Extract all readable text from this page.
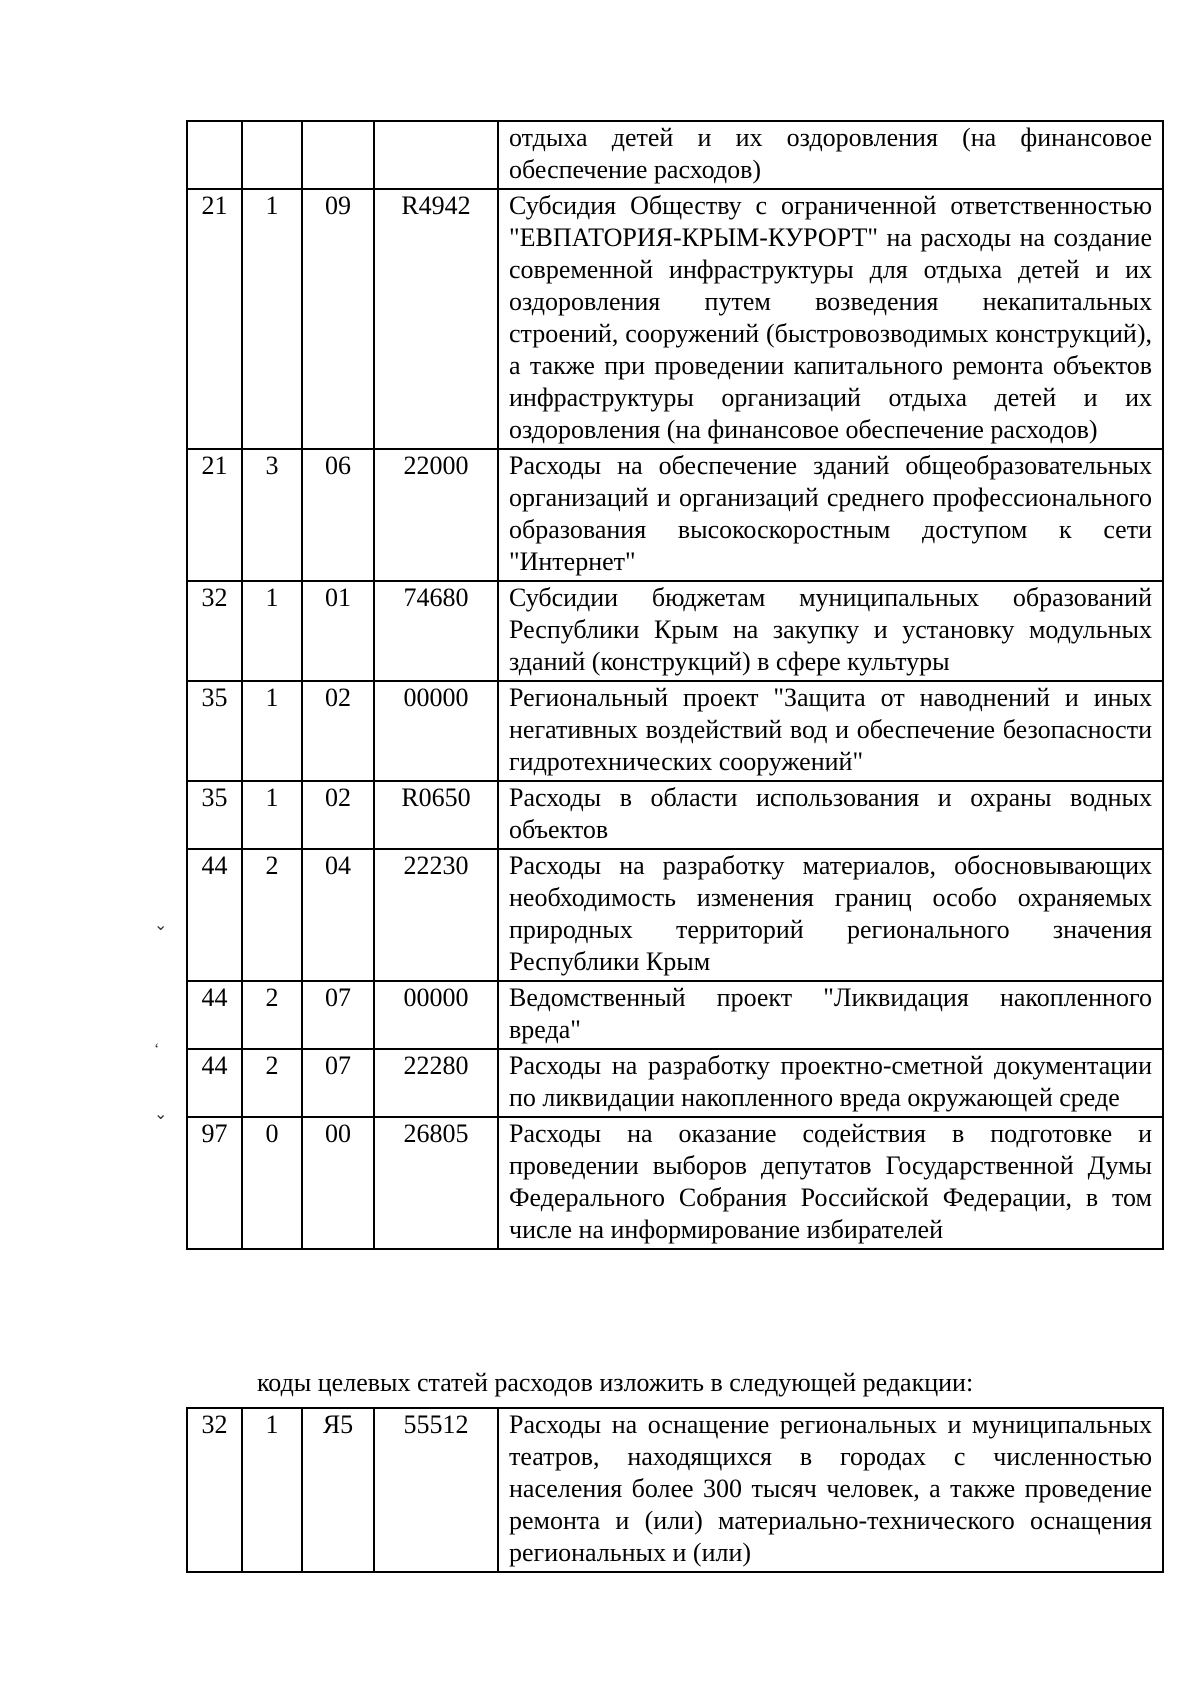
				отдыха детей и их оздоровления (на финансовое обеспечение расходов)
21	1	09	R4942	Субсидия Обществу с ограниченной ответственностью "ЕВПАТОРИЯ-КРЫМ-КУРОРТ" на расходы на создание современной инфраструктуры для отдыха детей и их оздоровления путем возведения некапитальных строений, сооружений (быстровозводимых конструкций), а также при проведении капитального ремонта объектов инфраструктуры организаций отдыха детей и их оздоровления (на финансовое обеспечение расходов)
21	3	06	22000	Расходы на обеспечение зданий общеобразовательных организаций и организаций среднего профессионального образования высокоскоростным доступом к сети "Интернет"
32	1	01	74680	Субсидии бюджетам муниципальных образований Республики Крым на закупку и установку модульных зданий (конструкций) в сфере культуры
35	1	02	00000	Региональный проект "Защита от наводнений и иных негативных воздействий вод и обеспечение безопасности гидротехнических сооружений"
35	1	02	R0650	Расходы в области использования и охраны водных объектов
44	2	04	22230	Расходы на разработку материалов, обосновывающих необходимость изменения границ особо охраняемых природных территорий регионального значения Республики Крым
44	2	07	00000	Ведомственный проект "Ликвидация накопленного вреда"
44	2	07	22280	Расходы на разработку проектно-сметной документации по ликвидации накопленного вреда окружающей среде
97	0	00	26805	Расходы на оказание содействия в подготовке и проведении выборов депутатов Государственной Думы Федерального Собрания Российской Федерации, в том числе на информирование избирателей
⌄
‘
⌄
коды целевых статей расходов изложить в следующей редакции:
32	1	Я5	55512	Расходы на оснащение региональных и муниципальных театров, находящихся в городах с численностью населения более 300 тысяч человек, а также проведение ремонта и (или) материально-технического оснащения региональных и (или)
